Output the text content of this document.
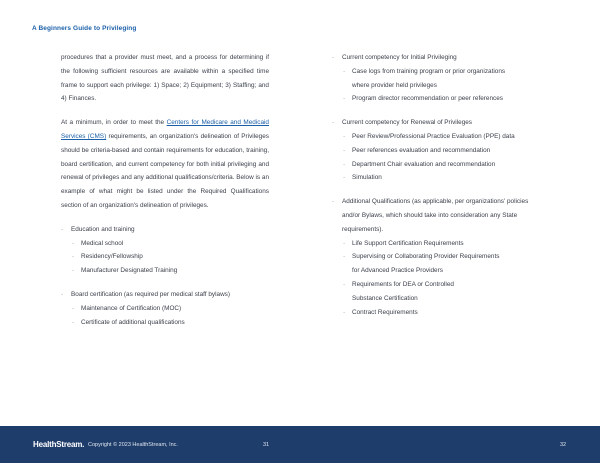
A Beginners Guide to Privileging

procedures that a provider must meet, and a process for determining if the following sufficient resources are available within a specified time frame to support each privilege: 1) Space; 2) Equipment; 3) Staffing; and 4) Finances.

At a minimum, in order to meet the Centers for Medicare and Medicaid Services (CMS) requirements, an organization's delineation of Privileges should be criteria-based and contain requirements for education, training, board certification, and current competency for both initial privileging and renewal of privileges and any additional qualifications/criteria. Below is an example of what might be listed under the Required Qualifications section of an organization's delineation of privileges.

· Education and training
· Medical school
· Residency/Fellowship
· Manufacturer Designated Training
· Board certification (as required per medical staff bylaws)
· Maintenance of Certification (MOC)
· Certificate of additional qualifications
· Current competency for Initial Privileging
· Case logs from training program or prior organizations
where provider held privileges
· Program director recommendation or peer references
· Current competency for Renewal of Privileges
· Peer Review/Professional Practice Evaluation (PPE) data
· Peer references evaluation and recommendation
· Department Chair evaluation and recommendation
· Simulation
· Additional Qualifications (as applicable, per organizations' policies and/or Bylaws, which should take into consideration any State requirements).
· Life Support Certification Requirements
· Supervising or Collaborating Provider Requirements
for Advanced Practice Providers
· Requirements for DEA or Controlled
Substance Certification
· Contract Requirements
HealthStream. Copyright © 2023 HealthStream, Inc.	31	32
